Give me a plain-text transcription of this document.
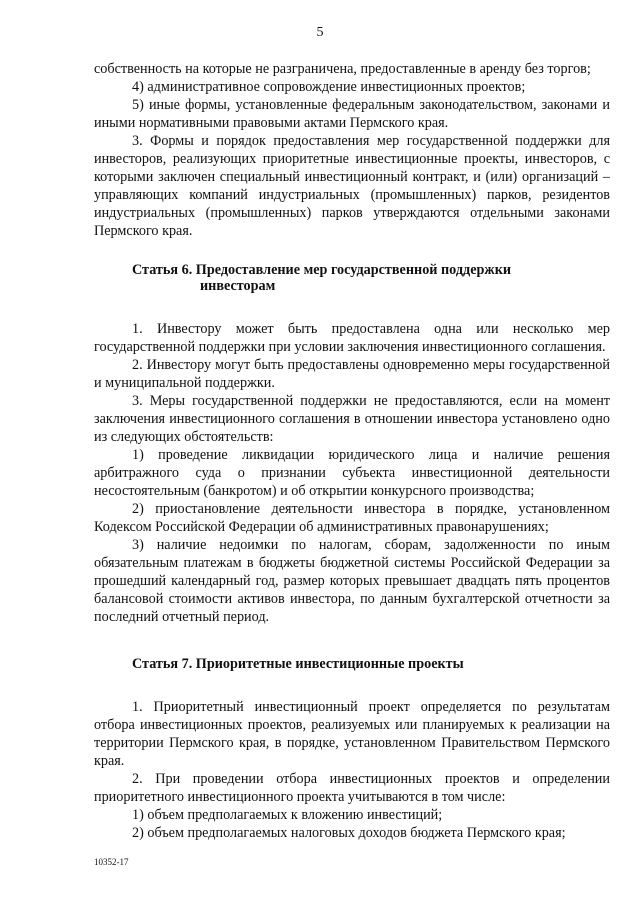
5

собственность на которые не разграничена, предоставленные в аренду без торгов;

4) административное сопровождение инвестиционных проектов;

5) иные формы, установленные федеральным законодательством, законами и иными нормативными правовыми актами Пермского края.

3. Формы и порядок предоставления мер государственной поддержки для инвесторов, реализующих приоритетные инвестиционные проекты, инвесторов, с которыми заключен специальный инвестиционный контракт, и (или) организаций – управляющих компаний индустриальных (промышленных) парков, резидентов индустриальных (промышленных) парков утверждаются отдельными законами Пермского края.

Статья 6. Предоставление мер государственной поддержки
инвесторам

1. Инвестору может быть предоставлена одна или несколько мер государственной поддержки при условии заключения инвестиционного соглашения.

2. Инвестору могут быть предоставлены одновременно меры государственной и муниципальной поддержки.

3. Меры государственной поддержки не предоставляются, если на момент заключения инвестиционного соглашения в отношении инвестора установлено одно из следующих обстоятельств:

1) проведение ликвидации юридического лица и наличие решения арбитражного суда о признании субъекта инвестиционной деятельности несостоятельным (банкротом) и об открытии конкурсного производства;

2) приостановление деятельности инвестора в порядке, установленном Кодексом Российской Федерации об административных правонарушениях;

3) наличие недоимки по налогам, сборам, задолженности по иным обязательным платежам в бюджеты бюджетной системы Российской Федерации за прошедший календарный год, размер которых превышает двадцать пять процентов балансовой стоимости активов инвестора, по данным бухгалтерской отчетности за последний отчетный период.

Статья 7. Приоритетные инвестиционные проекты

1. Приоритетный инвестиционный проект определяется по результатам отбора инвестиционных проектов, реализуемых или планируемых к реализации на территории Пермского края, в порядке, установленном Правительством Пермского края.

2. При проведении отбора инвестиционных проектов и определении приоритетного инвестиционного проекта учитываются в том числе:

1) объем предполагаемых к вложению инвестиций;

2) объем предполагаемых налоговых доходов бюджета Пермского края;

10352-17
